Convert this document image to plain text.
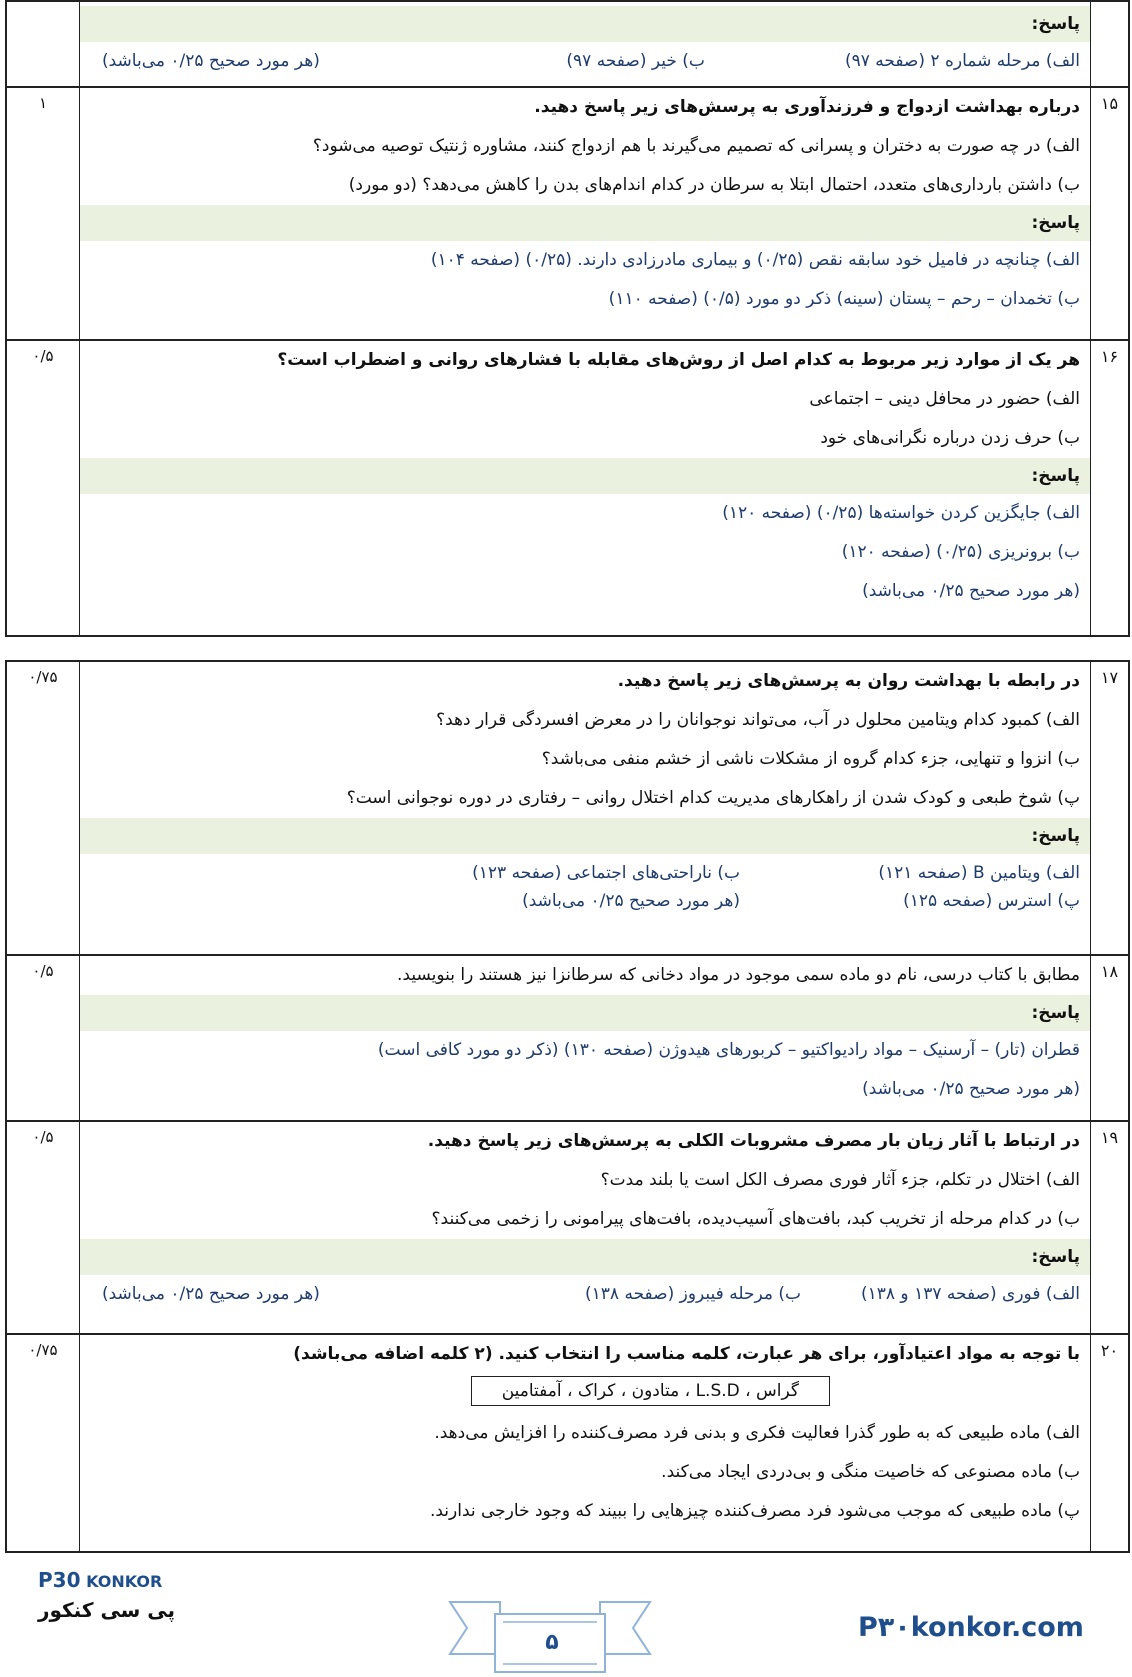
پاسخ:
الف) مرحله شماره ۲ (صفحه ۹۷)
ب) خیر (صفحه ۹۷)
(هر مورد صحیح ۰/۲۵ می‌باشد)
۱۵
درباره بهداشت ازدواج و فرزندآوری به پرسش‌های زیر پاسخ دهید.
الف) در چه صورت به دختران و پسرانی که تصمیم می‌گیرند با هم ازدواج کنند، مشاوره ژنتیک توصیه می‌شود؟
ب) داشتن بارداری‌های متعدد، احتمال ابتلا به سرطان در کدام اندام‌های بدن را کاهش می‌دهد؟ (دو مورد)
پاسخ:
الف) چنانچه در فامیل خود سابقه نقص (۰/۲۵) و بیماری مادرزادی دارند. (۰/۲۵) (صفحه ۱۰۴)
ب) تخمدان – رحم – پستان (سینه) ذکر دو مورد (۰/۵) (صفحه ۱۱۰)
۱
۱۶
هر یک از موارد زیر مربوط به کدام اصل از روش‌های مقابله با فشارهای روانی و اضطراب است؟
الف) حضور در محافل دینی – اجتماعی
ب) حرف زدن درباره نگرانی‌های خود
پاسخ:
الف) جایگزین کردن خواسته‌ها (۰/۲۵) (صفحه ۱۲۰)
ب) برونریزی (۰/۲۵) (صفحه ۱۲۰)
(هر مورد صحیح ۰/۲۵ می‌باشد)
۰/۵
۱۷
در رابطه با بهداشت روان به پرسش‌های زیر پاسخ دهید.
الف) کمبود کدام ویتامین محلول در آب، می‌تواند نوجوانان را در معرض افسردگی قرار دهد؟
ب) انزوا و تنهایی، جزء کدام گروه از مشکلات ناشی از خشم منفی می‌باشد؟
پ) شوخ طبعی و کودک شدن از راهکارهای مدیریت کدام اختلال روانی – رفتاری در دوره نوجوانی است؟
پاسخ:
الف) ویتامین B (صفحه ۱۲۱)
ب) ناراحتی‌های اجتماعی (صفحه ۱۲۳)
پ) استرس (صفحه ۱۲۵)
(هر مورد صحیح ۰/۲۵ می‌باشد)
۰/۷۵
۱۸
مطابق با کتاب درسی، نام دو ماده سمی موجود در مواد دخانی که سرطانزا نیز هستند را بنویسید.
پاسخ:
قطران (تار) – آرسنیک – مواد رادیواکتیو – کربورهای هیدوژن (صفحه ۱۳۰) (ذکر دو مورد کافی است)
(هر مورد صحیح ۰/۲۵ می‌باشد)
۰/۵
۱۹
در ارتباط با آثار زیان بار مصرف مشروبات الکلی به پرسش‌های زیر پاسخ دهید.
الف) اختلال در تکلم، جزء آثار فوری مصرف الکل است یا بلند مدت؟
ب) در کدام مرحله از تخریب کبد، بافت‌های آسیب‌دیده، بافت‌های پیرامونی را زخمی می‌کنند؟
پاسخ:
الف) فوری (صفحه ۱۳۷ و ۱۳۸)
ب) مرحله فیبروز (صفحه ۱۳۸)
(هر مورد صحیح ۰/۲۵ می‌باشد)
۰/۵
۲۰
با توجه به مواد اعتیادآور، برای هر عبارت، کلمه مناسب را انتخاب کنید. (۲ کلمه اضافه می‌باشد)
گراس ، L.S.D ، متادون ، کراک ، آمفتامین
الف) ماده طبیعی که به طور گذرا فعالیت فکری و بدنی فرد مصرف‌کننده را افزایش می‌دهد.
ب) ماده مصنوعی که خاصیت منگی و بی‌دردی ایجاد می‌کند.
پ) ماده طبیعی که موجب می‌شود فرد مصرف‌کننده چیزهایی را ببیند که وجود خارجی ندارند.
۰/۷۵
P30 KONKOR
پی سی کنکور
۵	P۳۰konkor.com
